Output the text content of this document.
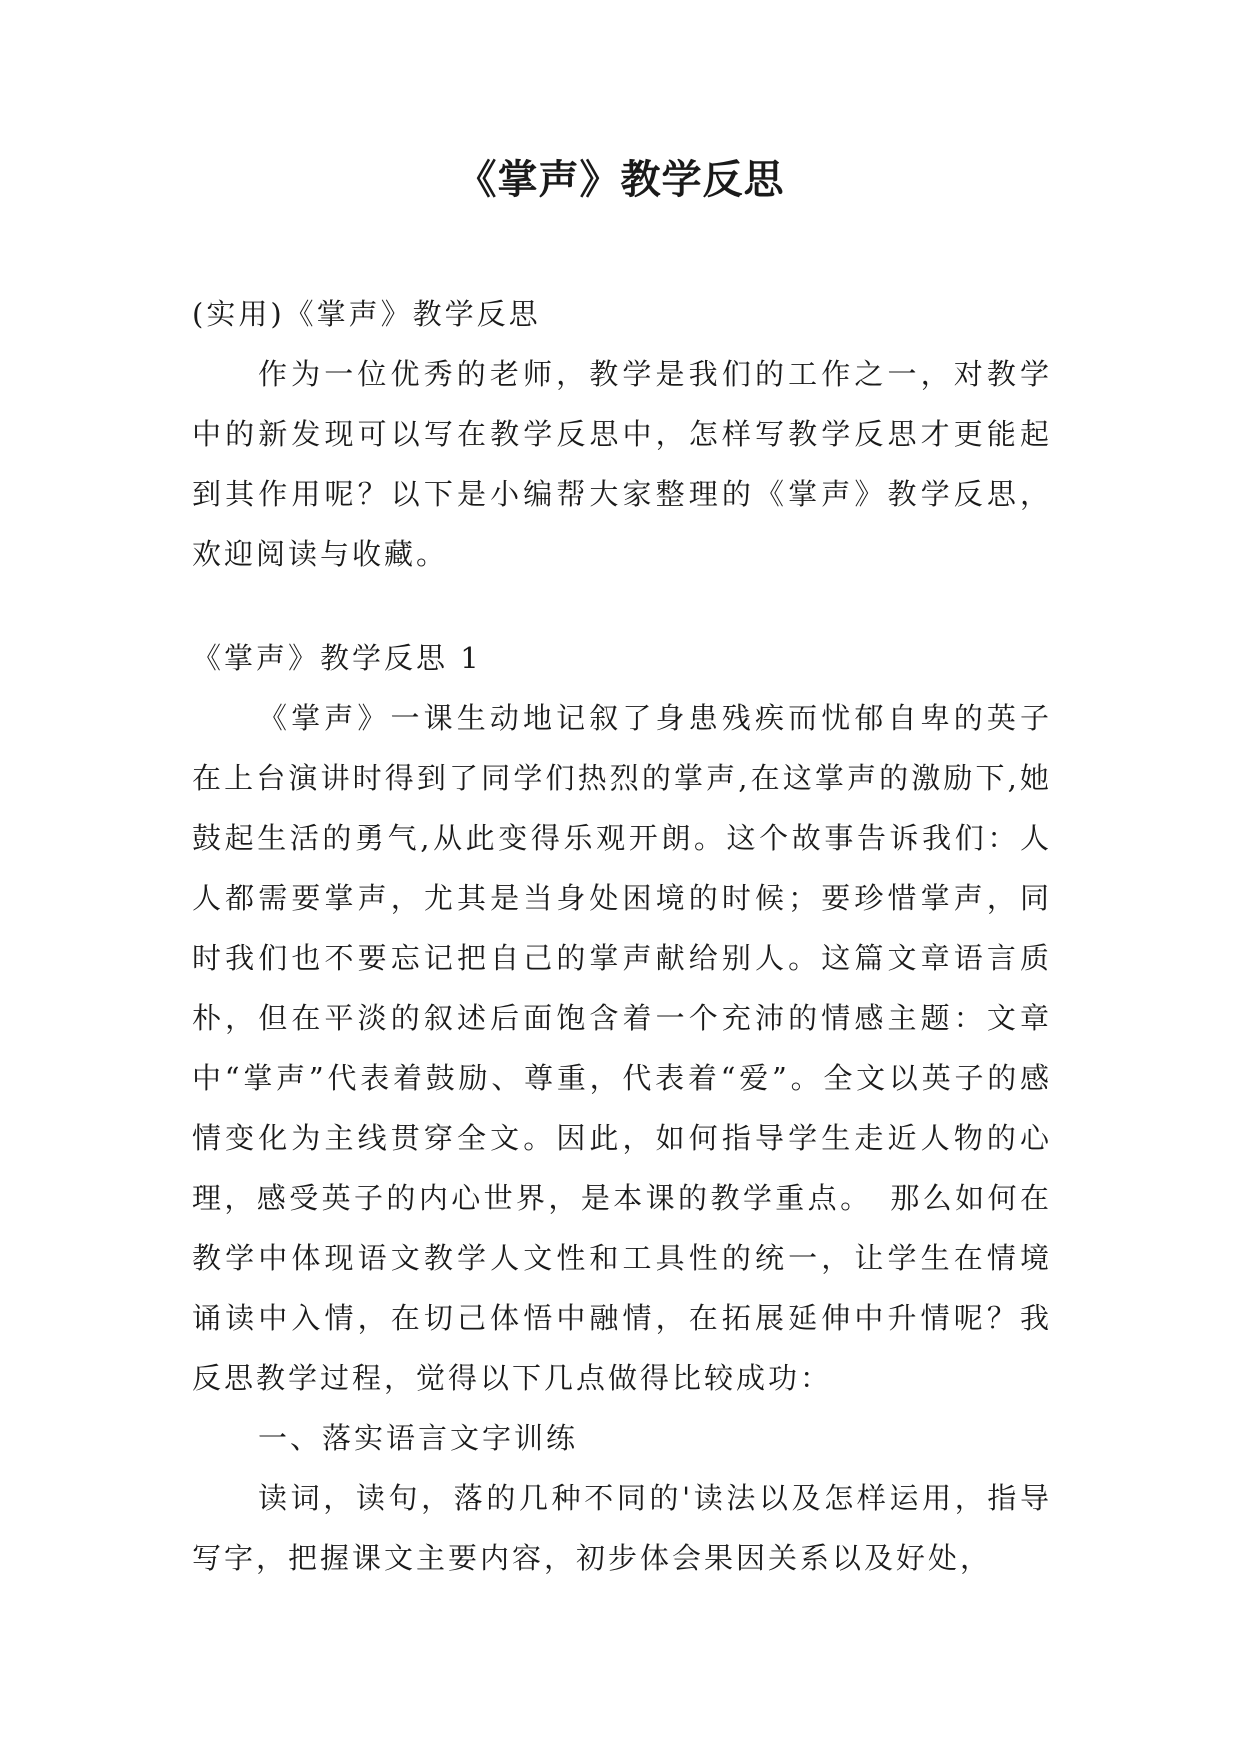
《掌声》教学反思

(实用)《掌声》教学反思

作为一位优秀的老师，教学是我们的工作之一，对教学中的新发现可以写在教学反思中，怎样写教学反思才更能起到其作用呢？以下是小编帮大家整理的《掌声》教学反思，欢迎阅读与收藏。

《掌声》教学反思 1

《掌声》一课生动地记叙了身患残疾而忧郁自卑的英子在上台演讲时得到了同学们热烈的掌声,在这掌声的激励下,她鼓起生活的勇气,从此变得乐观开朗。这个故事告诉我们：人人都需要掌声，尤其是当身处困境的时候；要珍惜掌声，同时我们也不要忘记把自己的掌声献给别人。这篇文章语言质朴，但在平淡的叙述后面饱含着一个充沛的情感主题：文章中“掌声”代表着鼓励、尊重，代表着“爱”。全文以英子的感情变化为主线贯穿全文。因此，如何指导学生走近人物的心理，感受英子的内心世界，是本课的教学重点。　那么如何在教学中体现语文教学人文性和工具性的统一，让学生在情境诵读中入情，在切己体悟中融情，在拓展延伸中升情呢？我反思教学过程，觉得以下几点做得比较成功：

一、落实语言文字训练

读词，读句，落的几种不同的'读法以及怎样运用，指导写字，把握课文主要内容，初步体会果因关系以及好处，
